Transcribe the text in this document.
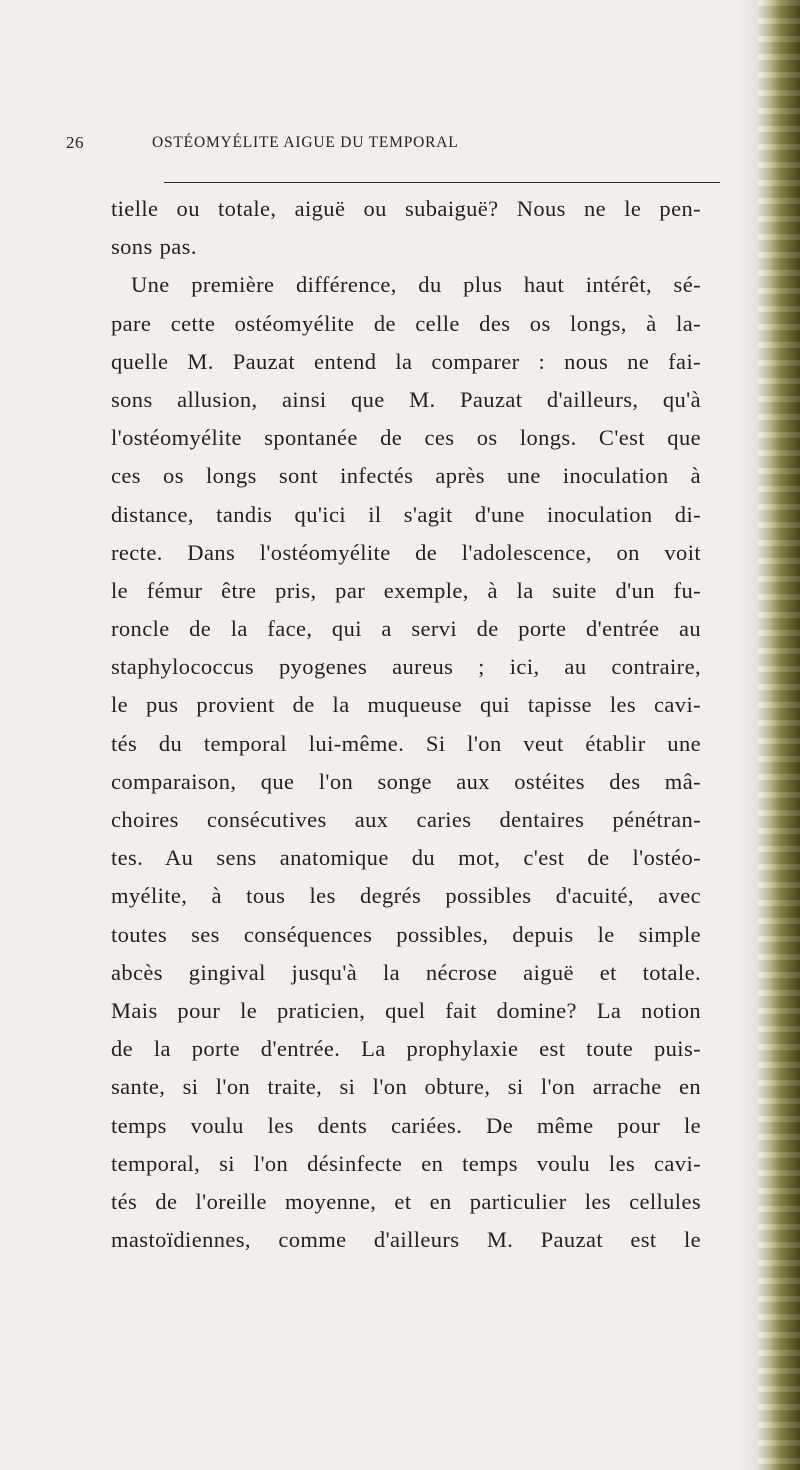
26	OSTÉOMYÉLITE AIGUE DU TEMPORAL
tielle ou totale, aiguë ou subaiguë? Nous ne le pen-
sons pas.
Une première différence, du plus haut intérêt, sé-
pare cette ostéomyélite de celle des os longs, à la-
quelle M. Pauzat entend la comparer : nous ne fai-
sons allusion, ainsi que M. Pauzat d'ailleurs, qu'à
l'ostéomyélite spontanée de ces os longs. C'est que
ces os longs sont infectés après une inoculation à
distance, tandis qu'ici il s'agit d'une inoculation di-
recte. Dans l'ostéomyélite de l'adolescence, on voit
le fémur être pris, par exemple, à la suite d'un fu-
roncle de la face, qui a servi de porte d'entrée au
staphylococcus pyogenes aureus ; ici, au contraire,
le pus provient de la muqueuse qui tapisse les cavi-
tés du temporal lui-même. Si l'on veut établir une
comparaison, que l'on songe aux ostéites des mâ-
choires consécutives aux caries dentaires pénétran-
tes. Au sens anatomique du mot, c'est de l'ostéo-
myélite, à tous les degrés possibles d'acuité, avec
toutes ses conséquences possibles, depuis le simple
abcès gingival jusqu'à la nécrose aiguë et totale.
Mais pour le praticien, quel fait domine? La notion
de la porte d'entrée. La prophylaxie est toute puis-
sante, si l'on traite, si l'on obture, si l'on arrache en
temps voulu les dents cariées. De même pour le
temporal, si l'on désinfecte en temps voulu les cavi-
tés de l'oreille moyenne, et en particulier les cellules
mastoïdiennes, comme d'ailleurs M. Pauzat est le
